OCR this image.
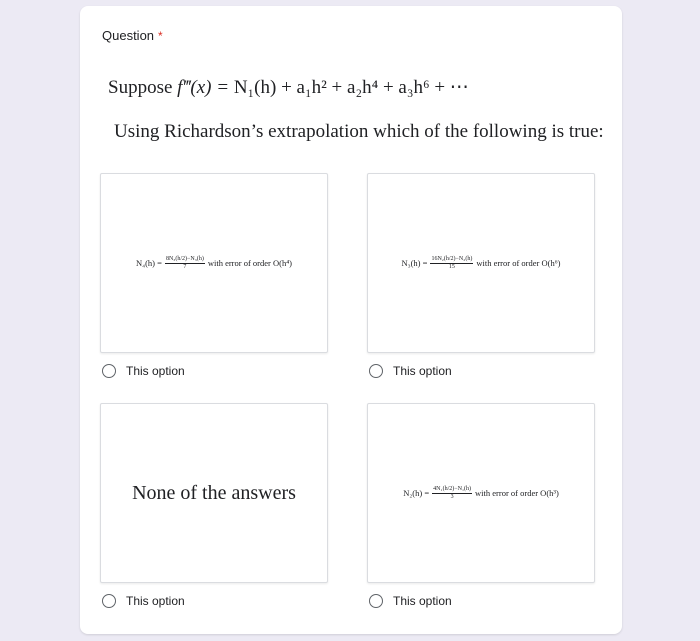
Question *
Suppose f‴(x) = N₁(h) + a₁h² + a₂h⁴ + a₃h⁶ + ⋯
Using Richardson’s extrapolation which of the following is true:
$N_4(h) = \frac{\text{8N₃(h/2)−N₃(h)}}{7}$ with error of order O(h⁴)
This option
$N_3(h) = \frac{\text{16N₂(h/2)−N₂(h)}}{15}$ with error of order O(h⁶)
This option
None of the answers
This option
$N_2(h) = \frac{\text{4N₁(h/2)−N₁(h)}}{3}$ with error of order O(h³)
This option
